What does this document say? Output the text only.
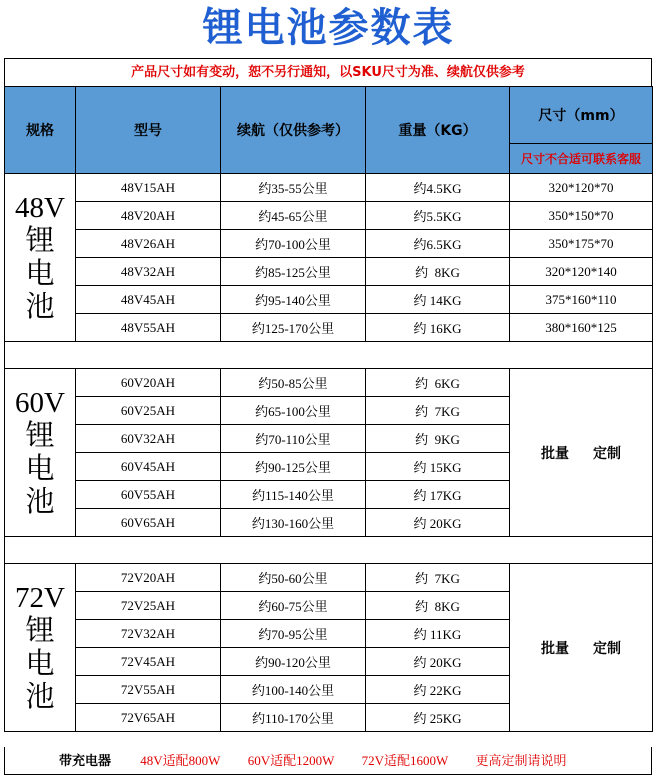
锂电池参数表
产品尺寸如有变动，恕不另行通知，以SKU尺寸为准、续航仅供参考
规格	型号	续航（仅供参考）	重量（KG）	尺寸（mm）
				尺寸不合适可联系客服

48V
锂
电
池	48V15AH	约35-55公里	约4.5KG	320*120*70
	48V20AH	约45-65公里	约5.5KG	350*150*70
	48V26AH	约70-100公里	约6.5KG	350*175*70
	48V32AH	约85-125公里	约  8KG	320*120*140
	48V45AH	约95-140公里	约 14KG	375*160*110
	48V55AH	约125-170公里	约 16KG	380*160*125

60V
锂
电
池	60V20AH	约50-85公里	约  6KG	批量 定制
	60V25AH	约65-100公里	约  7KG	
	60V32AH	约70-110公里	约  9KG	
	60V45AH	约90-125公里	约 15KG	
	60V55AH	约115-140公里	约 17KG	
	60V65AH	约130-160公里	约 20KG	

72V
锂
电
池	72V20AH	约50-60公里	约  7KG	批量 定制
	72V25AH	约60-75公里	约  8KG	
	72V32AH	约70-95公里	约 11KG	
	72V45AH	约90-120公里	约 20KG	
	72V55AH	约100-140公里	约 22KG	
	72V65AH	约110-170公里	约 25KG	
带充电器 48V适配800W 60V适配1200W 72V适配1600W 更高定制请说明
